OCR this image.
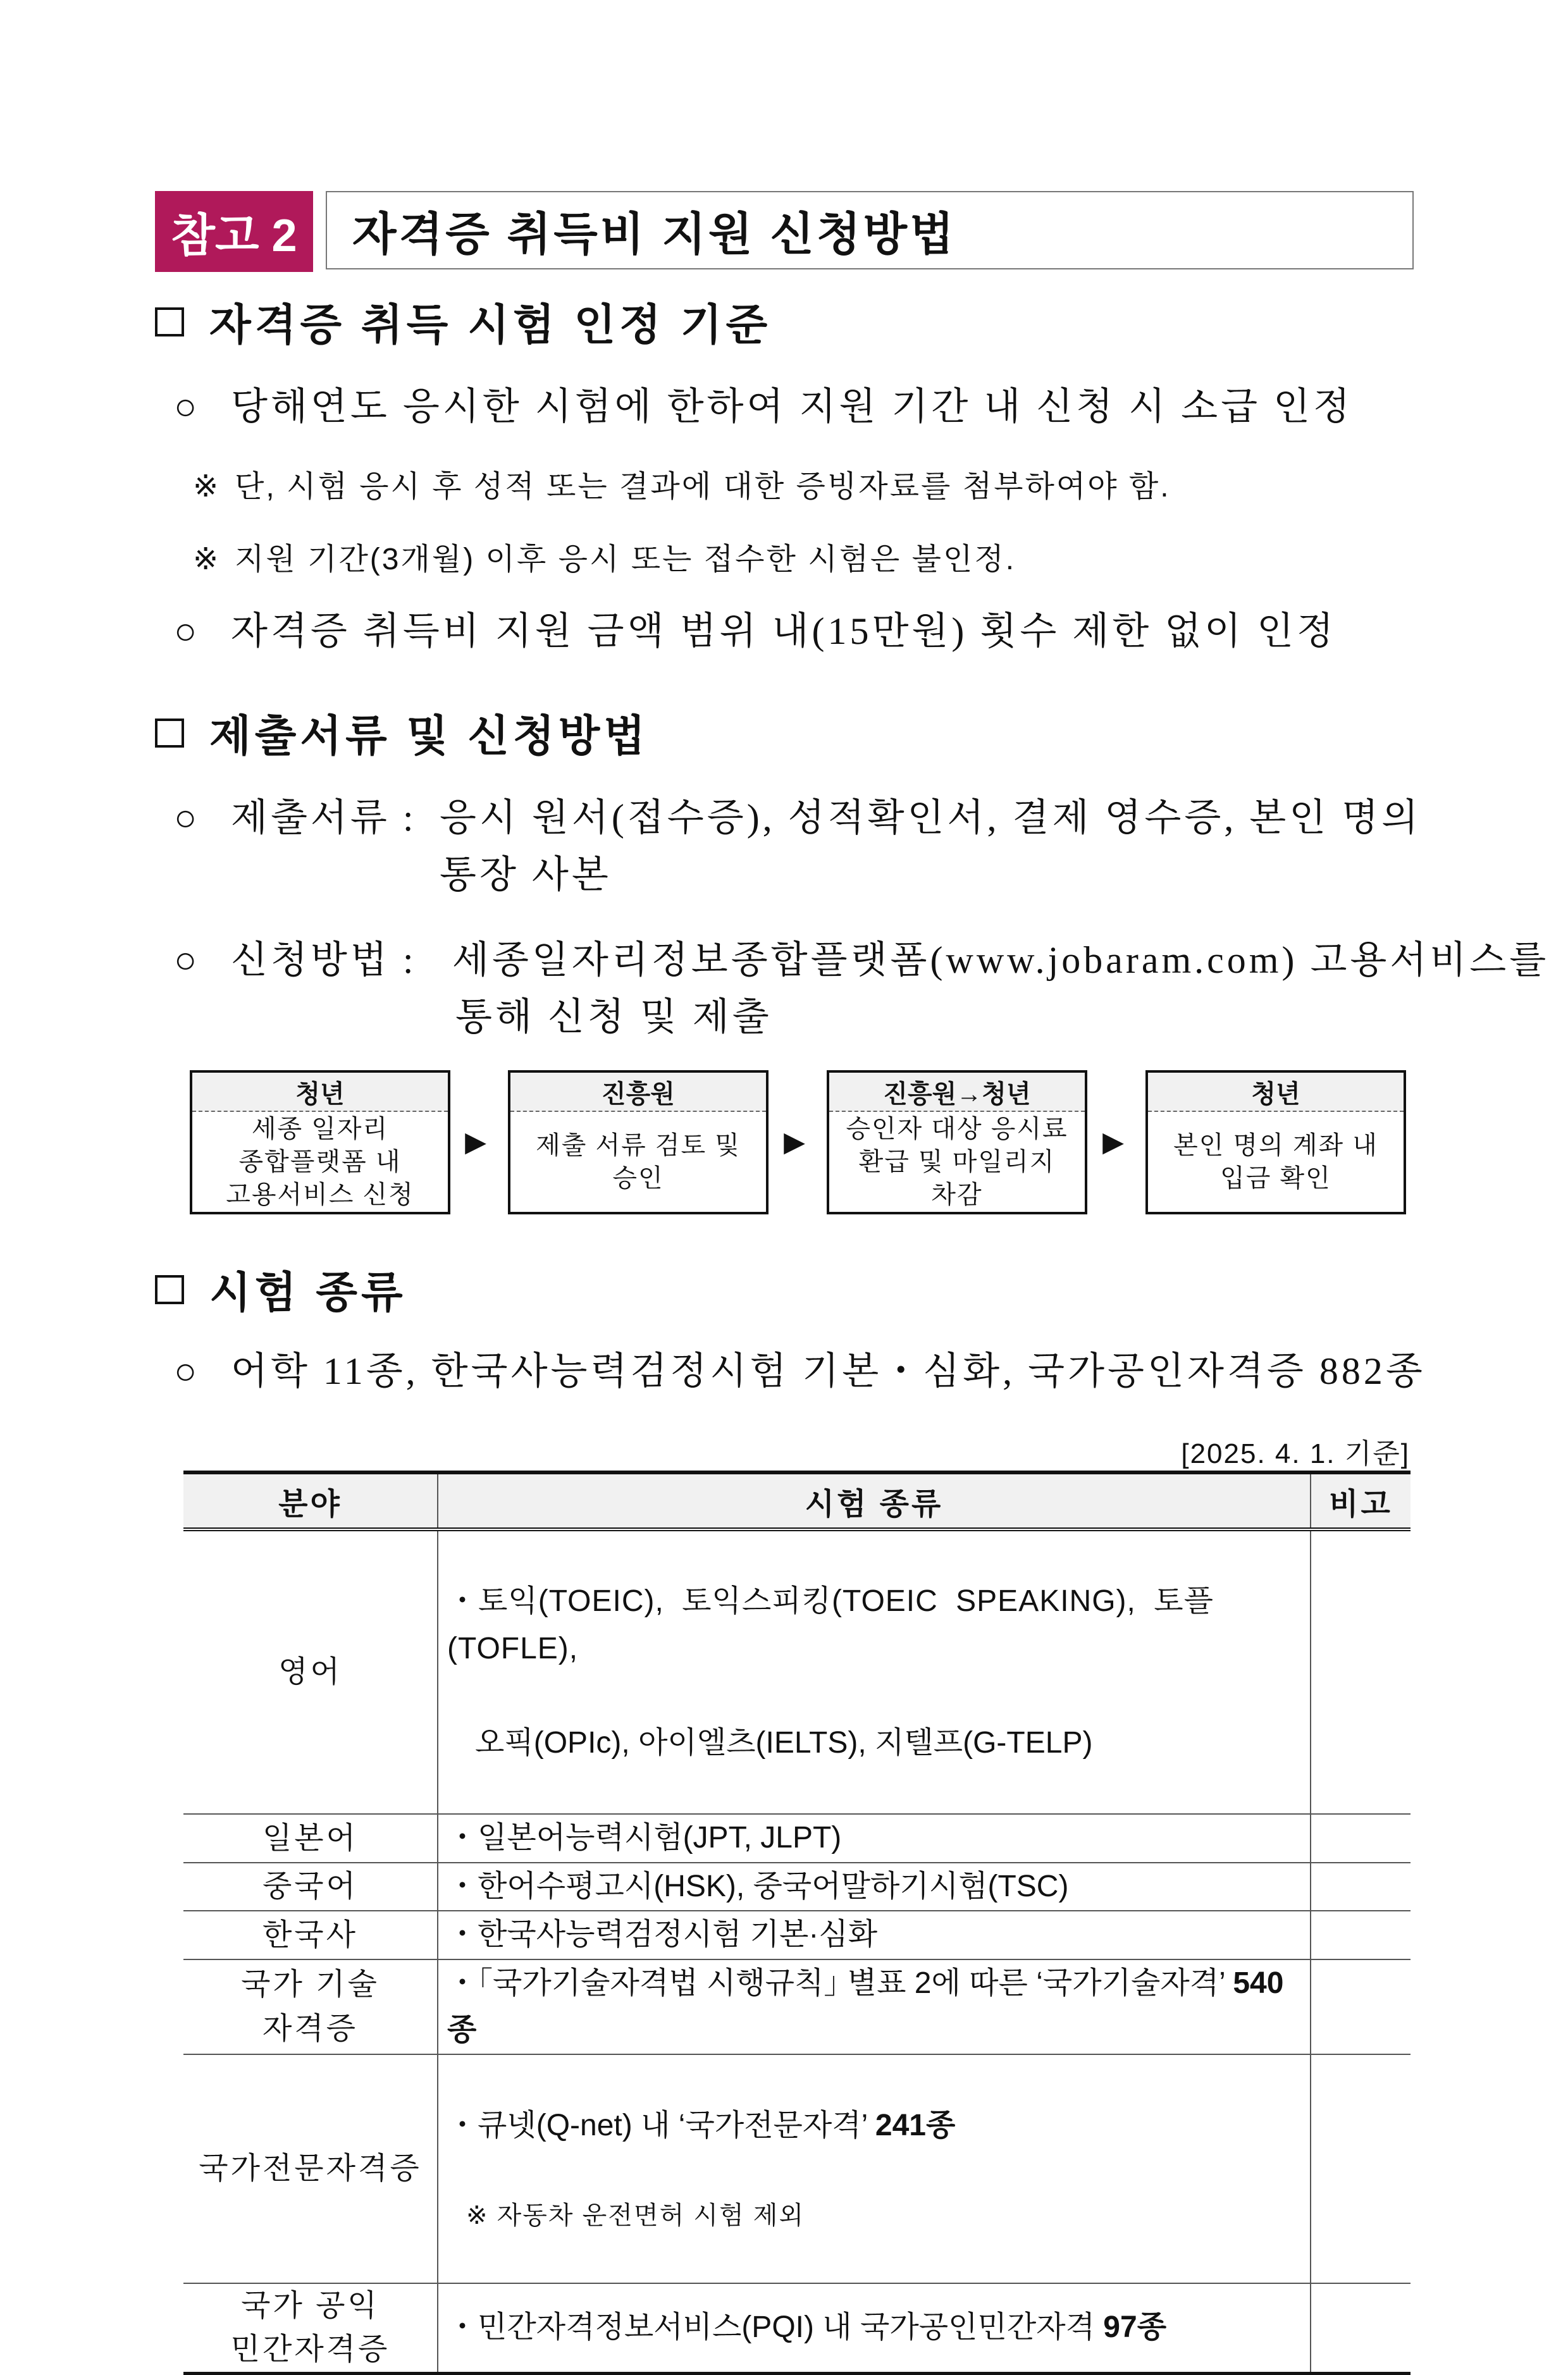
참고 2	자격증 취득비 지원 신청방법
자격증 취득 시험 인정 기준
○ 당해연도 응시한 시험에 한하여 지원 기간 내 신청 시 소급 인정
※ 단, 시험 응시 후 성적 또는 결과에 대한 증빙자료를 첨부하여야 함.
※ 지원 기간(3개월) 이후 응시 또는 접수한 시험은 불인정.
○ 자격증 취득비 지원 금액 범위 내(15만원) 횟수 제한 없이 인정
제출서류 및 신청방법
○ 제출서류 : 응시 원서(접수증), 성적확인서, 결제 영수증, 본인 명의
통장 사본
○ 신청방법 : 세종일자리정보종합플랫폼(www.jobaram.com) 고용서비스를
통해 신청 및 제출
청년
세종 일자리
종합플랫폼 내
고용서비스 신청
▶
진흥원
제출 서류 검토 및
승인
▶
진흥원→청년
승인자 대상 응시료
환급 및 마일리지
차감
▶
청년
본인 명의 계좌 내
입금 확인
시험 종류
○ 어학 11종, 한국사능력검정시험 기본・심화, 국가공인자격증 882종
[2025. 4. 1. 기준]
분야	시험 종류	비고
영어	・토익(TOEIC), 토익스피킹(TOEIC SPEAKING), 토플(TOFLE),

오픽(OPIc), 아이엘츠(IELTS), 지텔프(G-TELP)	

일본어	・일본어능력시험(JPT, JLPT)	
중국어	・한어수평고시(HSK), 중국어말하기시험(TSC)	
한국사	・한국사능력검정시험 기본·심화	
국가 기술
자격증	・｢국가기술자격법 시행규칙｣ 별표 2에 따른 ‘국가기술자격’ 540종	
국가전문자격증	・큐넷(Q-net) 내 ‘국가전문자격’ 241종

※ 자동차 운전면허 시험 제외	

국가 공익
민간자격증	・민간자격정보서비스(PQI) 내 국가공인민간자격 97종	
